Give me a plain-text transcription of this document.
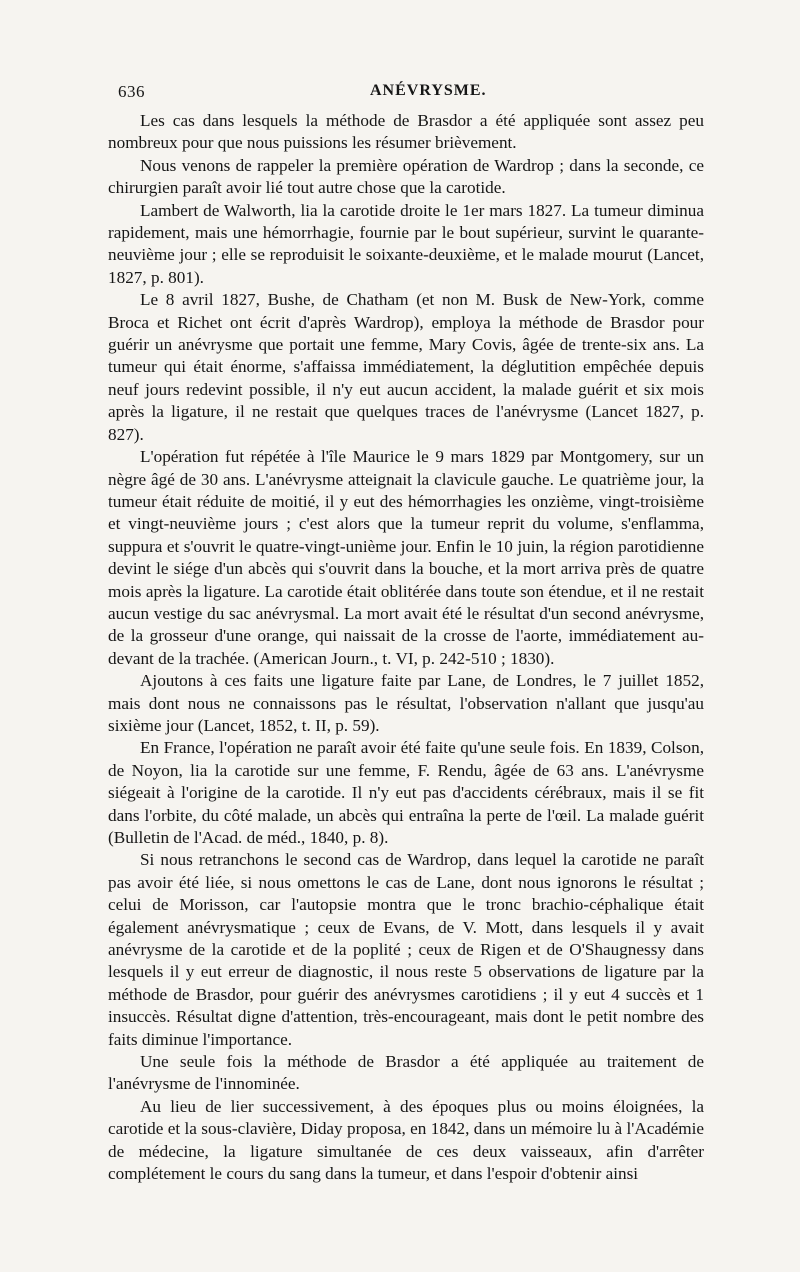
636	ANÉVRYSME.

Les cas dans lesquels la méthode de Brasdor a été appliquée sont assez peu nombreux pour que nous puissions les résumer brièvement.

Nous venons de rappeler la première opération de Wardrop ; dans la seconde, ce chirurgien paraît avoir lié tout autre chose que la carotide.

Lambert de Walworth, lia la carotide droite le 1er mars 1827. La tumeur diminua rapidement, mais une hémorrhagie, fournie par le bout supérieur, survint le quarante-neuvième jour ; elle se reproduisit le soixante-deuxième, et le malade mourut (Lancet, 1827, p. 801).

Le 8 avril 1827, Bushe, de Chatham (et non M. Busk de New-York, comme Broca et Richet ont écrit d'après Wardrop), employa la méthode de Brasdor pour guérir un anévrysme que portait une femme, Mary Covis, âgée de trente-six ans. La tumeur qui était énorme, s'affaissa immédiatement, la déglutition empêchée depuis neuf jours redevint possible, il n'y eut aucun accident, la malade guérit et six mois après la ligature, il ne restait que quelques traces de l'anévrysme (Lancet 1827, p. 827).

L'opération fut répétée à l'île Maurice le 9 mars 1829 par Montgomery, sur un nègre âgé de 30 ans. L'anévrysme atteignait la clavicule gauche. Le quatrième jour, la tumeur était réduite de moitié, il y eut des hémorrhagies les onzième, vingt-troisième et vingt-neuvième jours ; c'est alors que la tumeur reprit du volume, s'enflamma, suppura et s'ouvrit le quatre-vingt-unième jour. Enfin le 10 juin, la région parotidienne devint le siége d'un abcès qui s'ouvrit dans la bouche, et la mort arriva près de quatre mois après la ligature. La carotide était oblitérée dans toute son étendue, et il ne restait aucun vestige du sac anévrysmal. La mort avait été le résultat d'un second anévrysme, de la grosseur d'une orange, qui naissait de la crosse de l'aorte, immédiatement au-devant de la trachée. (American Journ., t. VI, p. 242-510 ; 1830).

Ajoutons à ces faits une ligature faite par Lane, de Londres, le 7 juillet 1852, mais dont nous ne connaissons pas le résultat, l'observation n'allant que jusqu'au sixième jour (Lancet, 1852, t. II, p. 59).

En France, l'opération ne paraît avoir été faite qu'une seule fois. En 1839, Colson, de Noyon, lia la carotide sur une femme, F. Rendu, âgée de 63 ans. L'anévrysme siégeait à l'origine de la carotide. Il n'y eut pas d'accidents cérébraux, mais il se fit dans l'orbite, du côté malade, un abcès qui entraîna la perte de l'œil. La malade guérit (Bulletin de l'Acad. de méd., 1840, p. 8).

Si nous retranchons le second cas de Wardrop, dans lequel la carotide ne paraît pas avoir été liée, si nous omettons le cas de Lane, dont nous ignorons le résultat ; celui de Morisson, car l'autopsie montra que le tronc brachio-céphalique était également anévrysmatique ; ceux de Evans, de V. Mott, dans lesquels il y avait anévrysme de la carotide et de la poplité ; ceux de Rigen et de O'Shaugnessy dans lesquels il y eut erreur de diagnostic, il nous reste 5 observations de ligature par la méthode de Brasdor, pour guérir des anévrysmes carotidiens ; il y eut 4 succès et 1 insuccès. Résultat digne d'attention, très-encourageant, mais dont le petit nombre des faits diminue l'importance.

Une seule fois la méthode de Brasdor a été appliquée au traitement de l'anévrysme de l'innominée.

Au lieu de lier successivement, à des époques plus ou moins éloignées, la carotide et la sous-clavière, Diday proposa, en 1842, dans un mémoire lu à l'Académie de médecine, la ligature simultanée de ces deux vaisseaux, afin d'arrêter complétement le cours du sang dans la tumeur, et dans l'espoir d'obtenir ainsi
